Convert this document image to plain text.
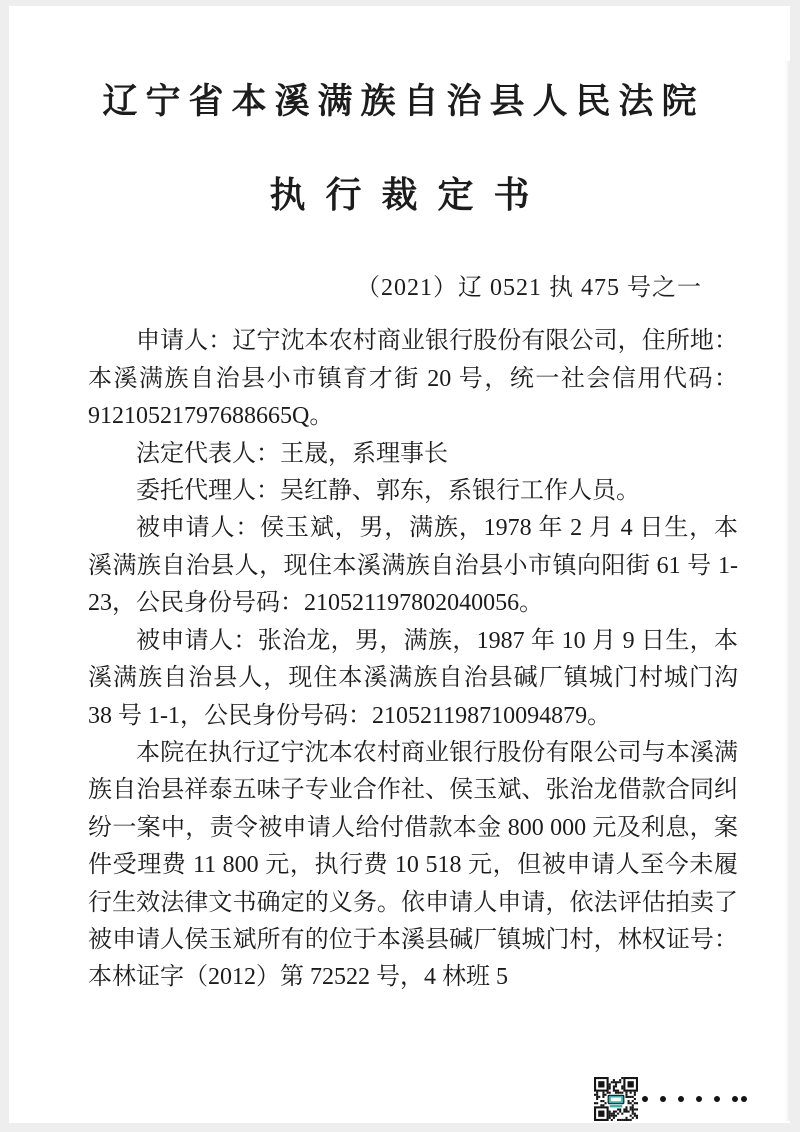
辽宁省本溪满族自治县人民法院
执行裁定书
（2021）辽 0521 执 475 号之一

申请人：辽宁沈本农村商业银行股份有限公司，住所地：本溪满族自治县小市镇育才街 20 号，统一社会信用代码：91210521797688665Q。

法定代表人：王晟，系理事长

委托代理人：吴红静、郭东，系银行工作人员。

被申请人：侯玉斌，男，满族，1978 年 2 月 4 日生，本溪满族自治县人，现住本溪满族自治县小市镇向阳街 61 号 1-23，公民身份号码：210521197802040056。

被申请人：张治龙，男，满族，1987 年 10 月 9 日生，本溪满族自治县人，现住本溪满族自治县碱厂镇城门村城门沟 38 号 1-1，公民身份号码：210521198710094879。

本院在执行辽宁沈本农村商业银行股份有限公司与本溪满族自治县祥泰五味子专业合作社、侯玉斌、张治龙借款合同纠纷一案中，责令被申请人给付借款本金 800 000 元及利息，案件受理费 11 800 元，执行费 10 518 元，但被申请人至今未履行生效法律文书确定的义务。依申请人申请，依法评估拍卖了被申请人侯玉斌所有的位于本溪县碱厂镇城门村，林权证号：本林证字（2012）第 72522 号，4 林班 5
